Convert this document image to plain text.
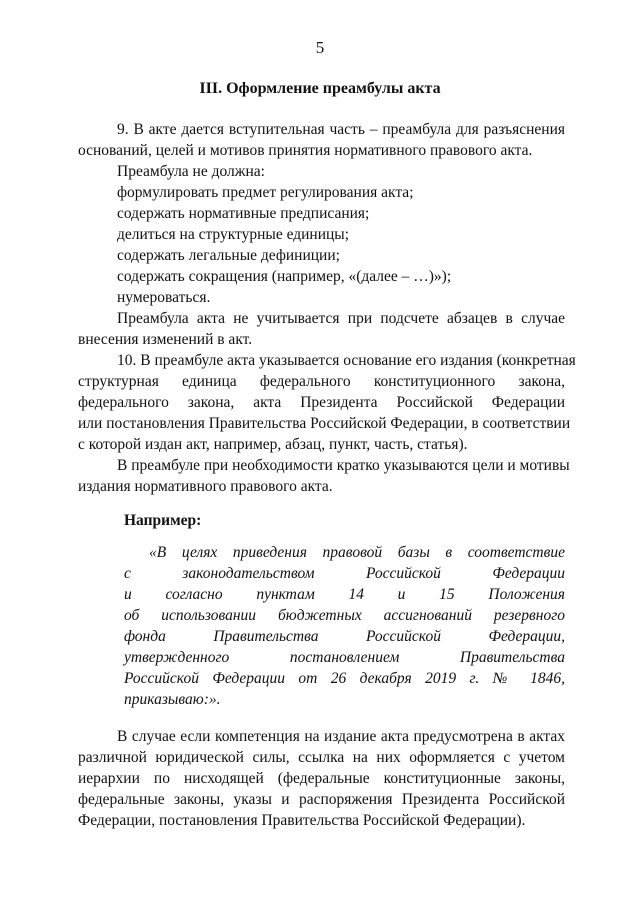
5
III. Оформление преамбулы акта
9. В акте дается вступительная часть – преамбула для разъяснения
оснований, целей и мотивов принятия нормативного правового акта.
Преамбула не должна:
формулировать предмет регулирования акта;
содержать нормативные предписания;
делиться на структурные единицы;
содержать легальные дефиниции;
содержать сокращения (например, «(далее – …)»);
нумероваться.
Преамбула акта не учитывается при подсчете абзацев в случае
внесения изменений в акт.
10. В преамбуле акта указывается основание его издания (конкретная
структурная единица федерального конституционного закона,
федерального закона, акта Президента Российской Федерации
или постановления Правительства Российской Федерации, в соответствии
с которой издан акт, например, абзац, пункт, часть, статья).
В преамбуле при необходимости кратко указываются цели и мотивы
издания нормативного правового акта.
Например:
«В целях приведения правовой базы в соответствие
с законодательством Российской Федерации
и согласно пунктам 14 и 15 Положения
об использовании бюджетных ассигнований резервного
фонда Правительства Российской Федерации,
утвержденного постановлением Правительства
Российской Федерации от 26 декабря 2019 г. № 1846,
приказываю:».
В случае если компетенция на издание акта предусмотрена в актах
различной юридической силы, ссылка на них оформляется с учетом
иерархии по нисходящей (федеральные конституционные законы,
федеральные законы, указы и распоряжения Президента Российской
Федерации, постановления Правительства Российской Федерации).
